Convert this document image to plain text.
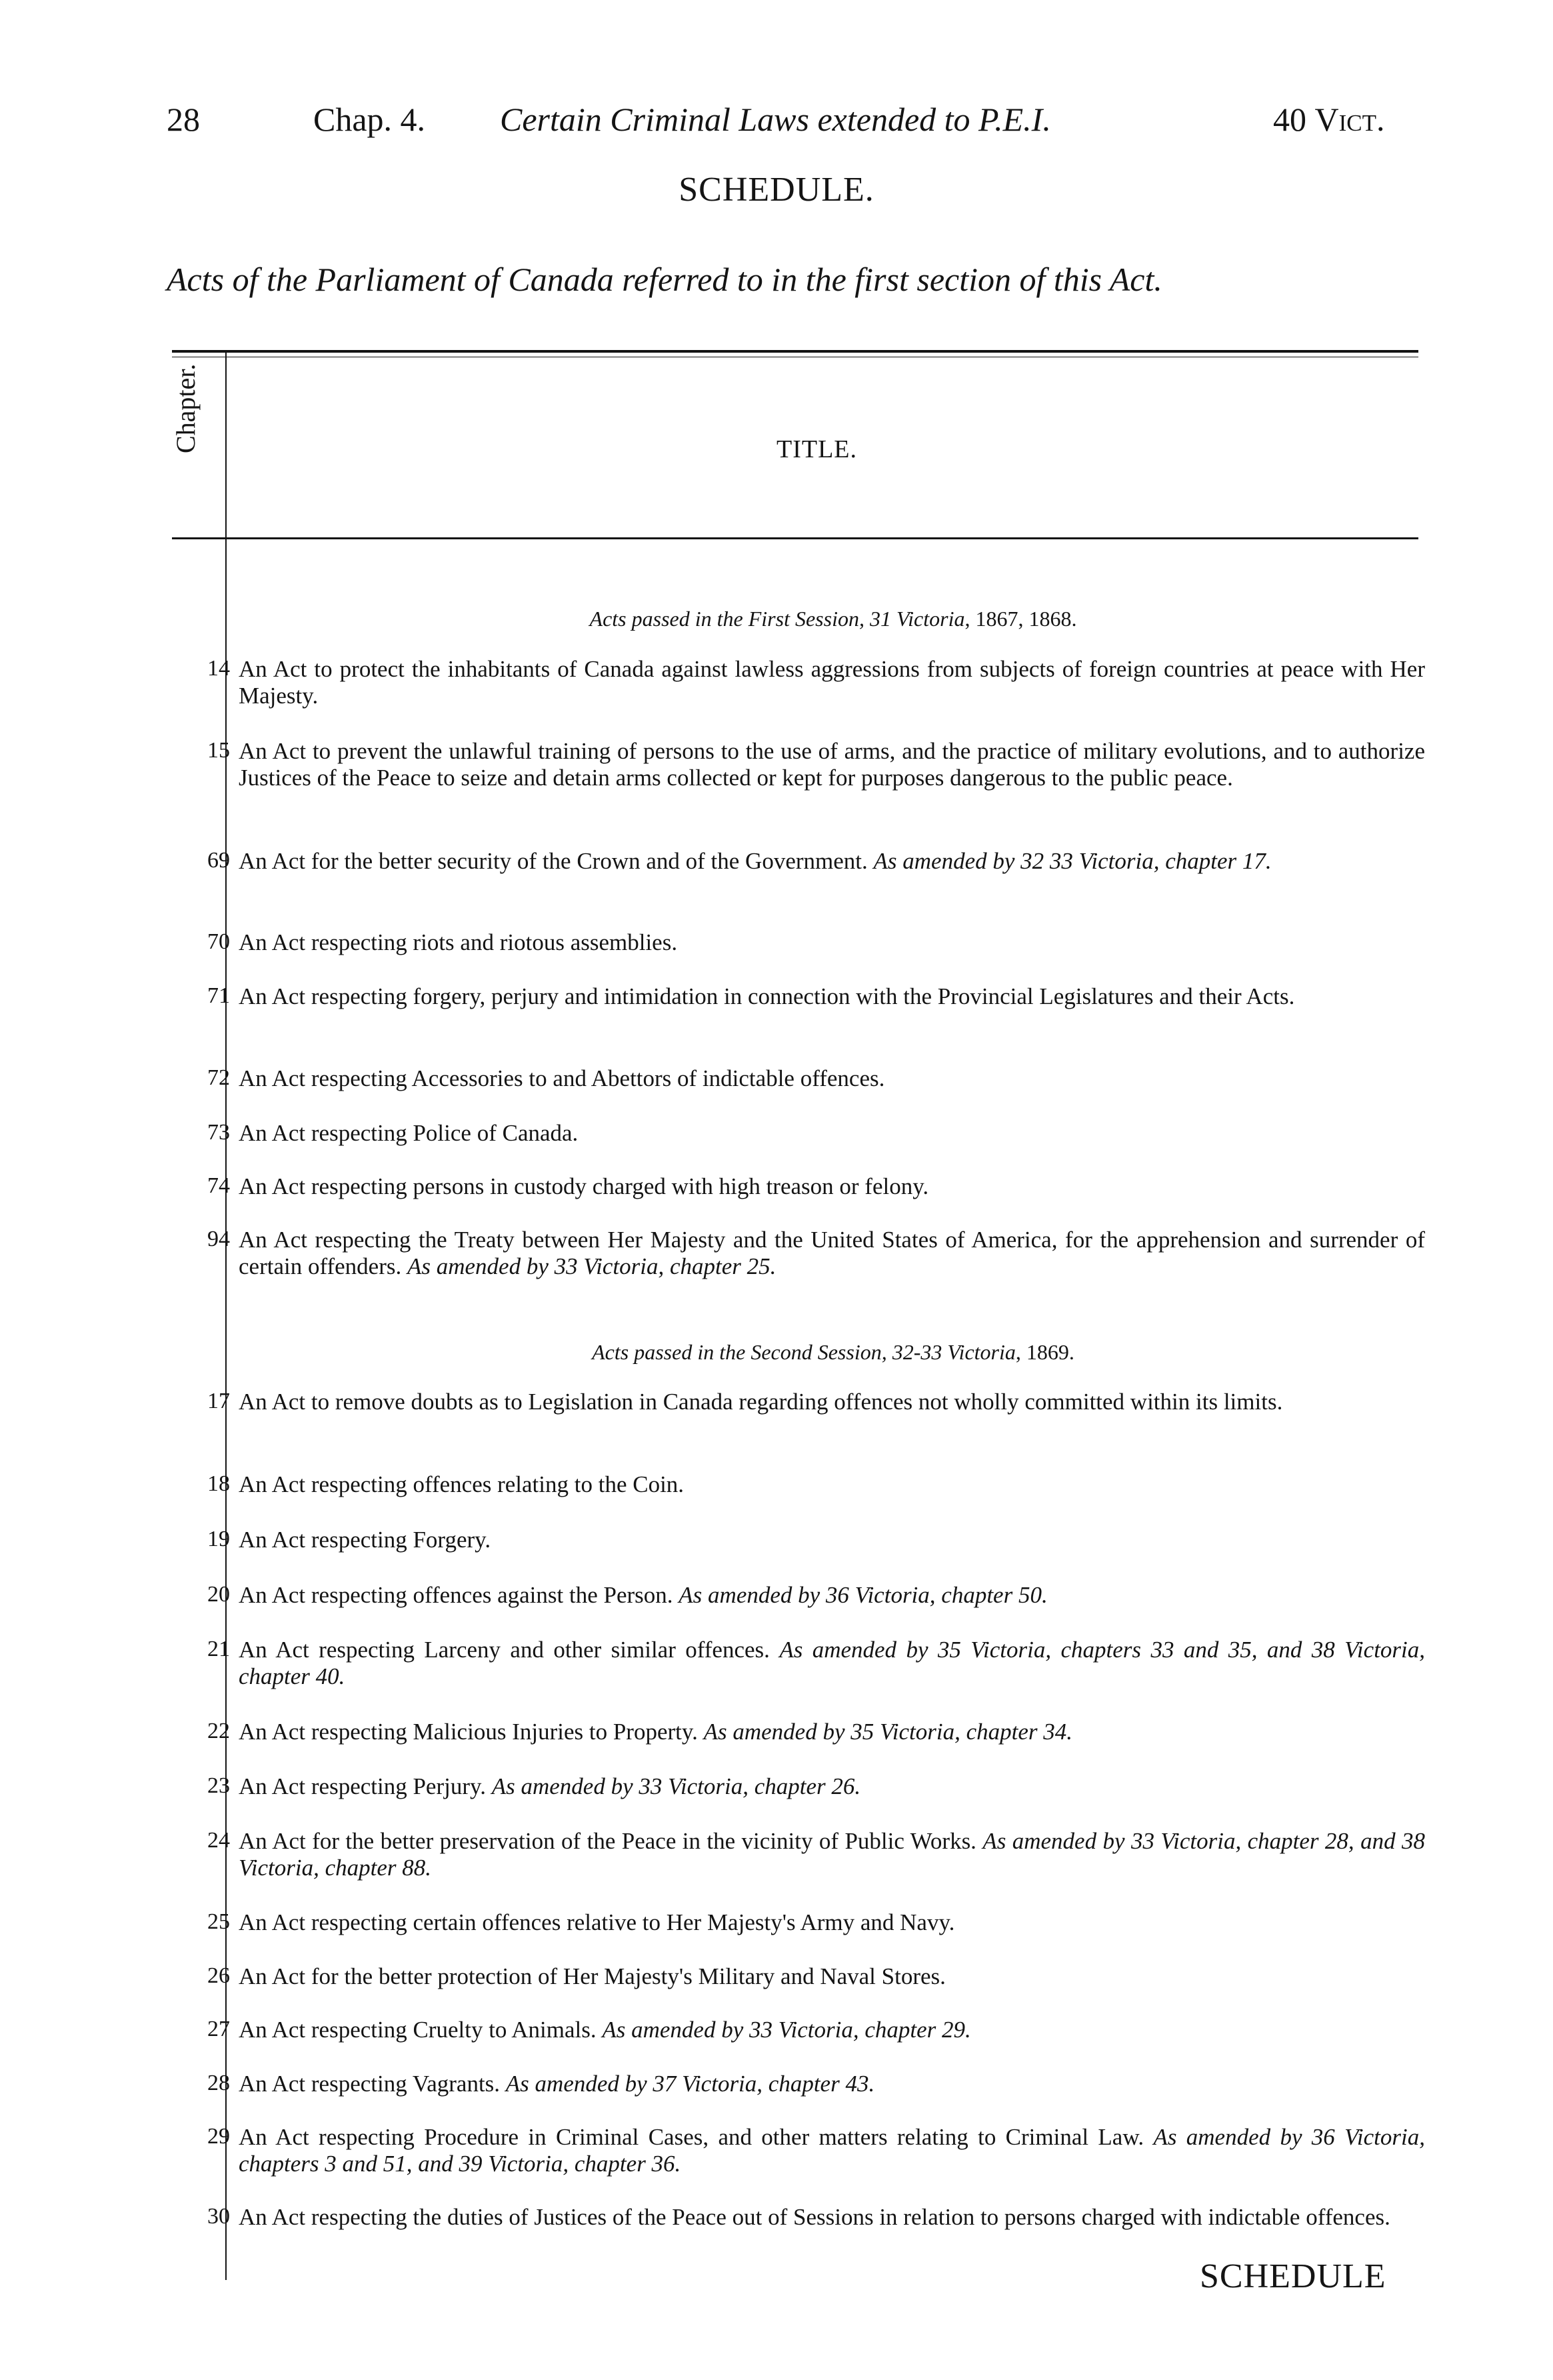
28	Chap. 4. Certain Criminal Laws extended to P.E.I.	40 Vict.
SCHEDULE.
Acts of the Parliament of Canada referred to in the first section of this Act.
Chapter.	TITLE.
Acts passed in the First Session, 31 Victoria, 1867, 1868.
Acts passed in the Second Session, 32-33 Victoria, 1869.
14 An Act to protect the inhabitants of Canada against lawless aggressions from subjects of foreign countries at peace with Her Majesty.
15 An Act to prevent the unlawful training of persons to the use of arms, and the practice of military evolutions, and to authorize Justices of the Peace to seize and detain arms collected or kept for purposes dangerous to the public peace.
69 An Act for the better security of the Crown and of the Government. As amended by 32 33 Victoria, chapter 17.
70 An Act respecting riots and riotous assemblies.
71 An Act respecting forgery, perjury and intimidation in connection with the Provincial Legislatures and their Acts.
72 An Act respecting Accessories to and Abettors of indictable offences.
73 An Act respecting Police of Canada.
74 An Act respecting persons in custody charged with high treason or felony.
94 An Act respecting the Treaty between Her Majesty and the United States of America, for the apprehension and surrender of certain offenders. As amended by 33 Victoria, chapter 25.
17 An Act to remove doubts as to Legislation in Canada regarding offences not wholly committed within its limits.
18 An Act respecting offences relating to the Coin.
19 An Act respecting Forgery.
20 An Act respecting offences against the Person. As amended by 36 Victoria, chapter 50.
21 An Act respecting Larceny and other similar offences. As amended by 35 Victoria, chapters 33 and 35, and 38 Victoria, chapter 40.
22 An Act respecting Malicious Injuries to Property. As amended by 35 Victoria, chapter 34.
23 An Act respecting Perjury. As amended by 33 Victoria, chapter 26.
24 An Act for the better preservation of the Peace in the vicinity of Public Works. As amended by 33 Victoria, chapter 28, and 38 Victoria, chapter 88.
25 An Act respecting certain offences relative to Her Majesty's Army and Navy.
26 An Act for the better protection of Her Majesty's Military and Naval Stores.
27 An Act respecting Cruelty to Animals. As amended by 33 Victoria, chapter 29.
28 An Act respecting Vagrants. As amended by 37 Victoria, chapter 43.
29 An Act respecting Procedure in Criminal Cases, and other matters relating to Criminal Law. As amended by 36 Victoria, chapters 3 and 51, and 39 Victoria, chapter 36.
30 An Act respecting the duties of Justices of the Peace out of Sessions in relation to persons charged with indictable offences.
SCHEDULE
